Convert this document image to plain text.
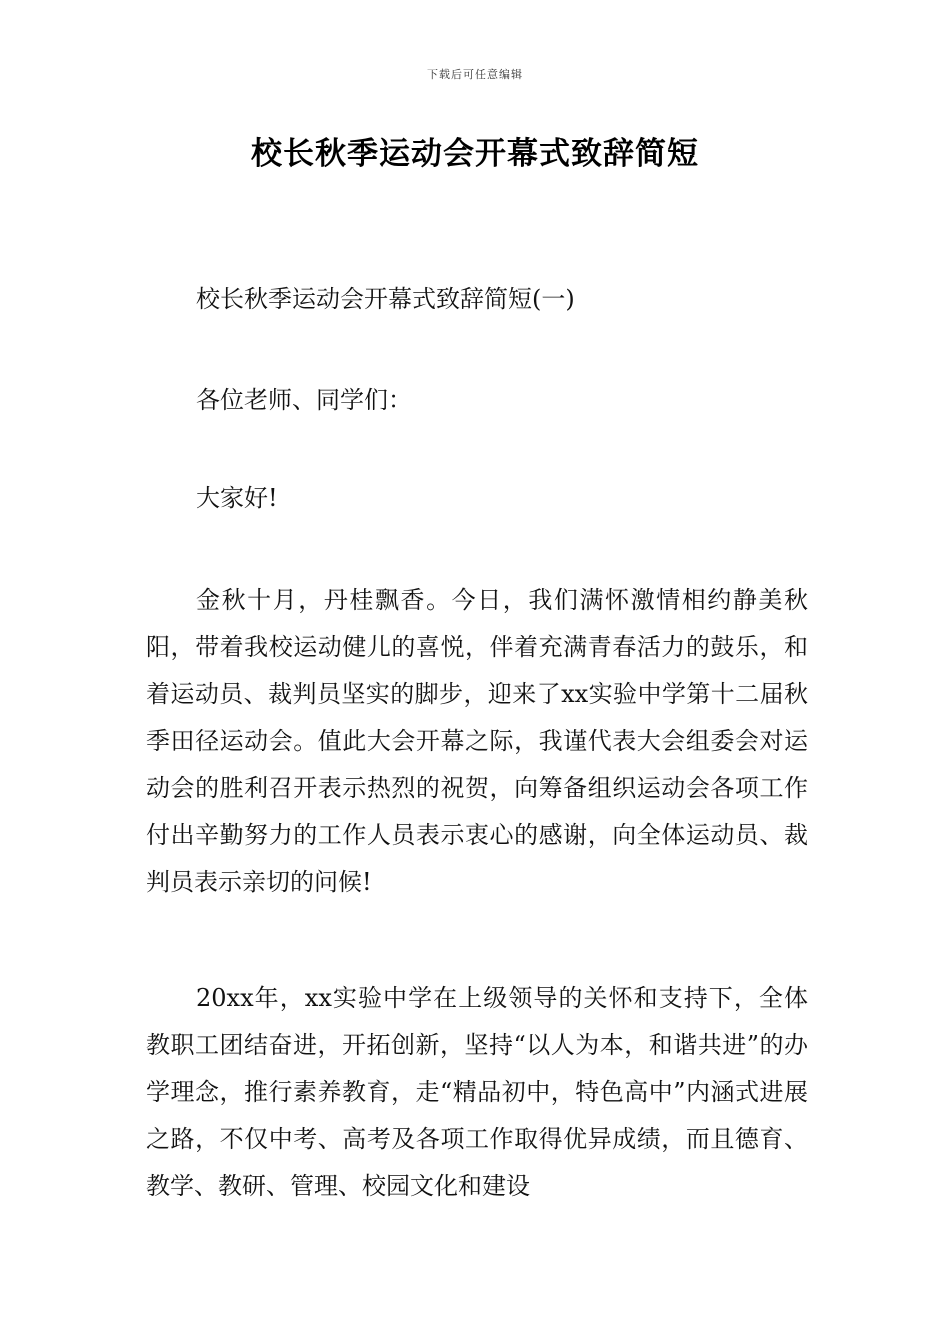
下载后可任意编辑
校长秋季运动会开幕式致辞简短

校长秋季运动会开幕式致辞简短(一)

各位老师、同学们：

大家好!

金秋十月，丹桂飘香。今日，我们满怀激情相约静美秋阳，带着我校运动健儿的喜悦，伴着充满青春活力的鼓乐，和着运动员、裁判员坚实的脚步，迎来了xx实验中学第十二届秋季田径运动会。值此大会开幕之际，我谨代表大会组委会对运动会的胜利召开表示热烈的祝贺，向筹备组织运动会各项工作付出辛勤努力的工作人员表示衷心的感谢，向全体运动员、裁判员表示亲切的问候!

20xx年，xx实验中学在上级领导的关怀和支持下，全体教职工团结奋进，开拓创新，坚持“以人为本，和谐共进”的办学理念，推行素养教育，走“精品初中，特色高中”内涵式进展之路，不仅中考、高考及各项工作取得优异成绩，而且德育、教学、教研、管理、校园文化和建设
